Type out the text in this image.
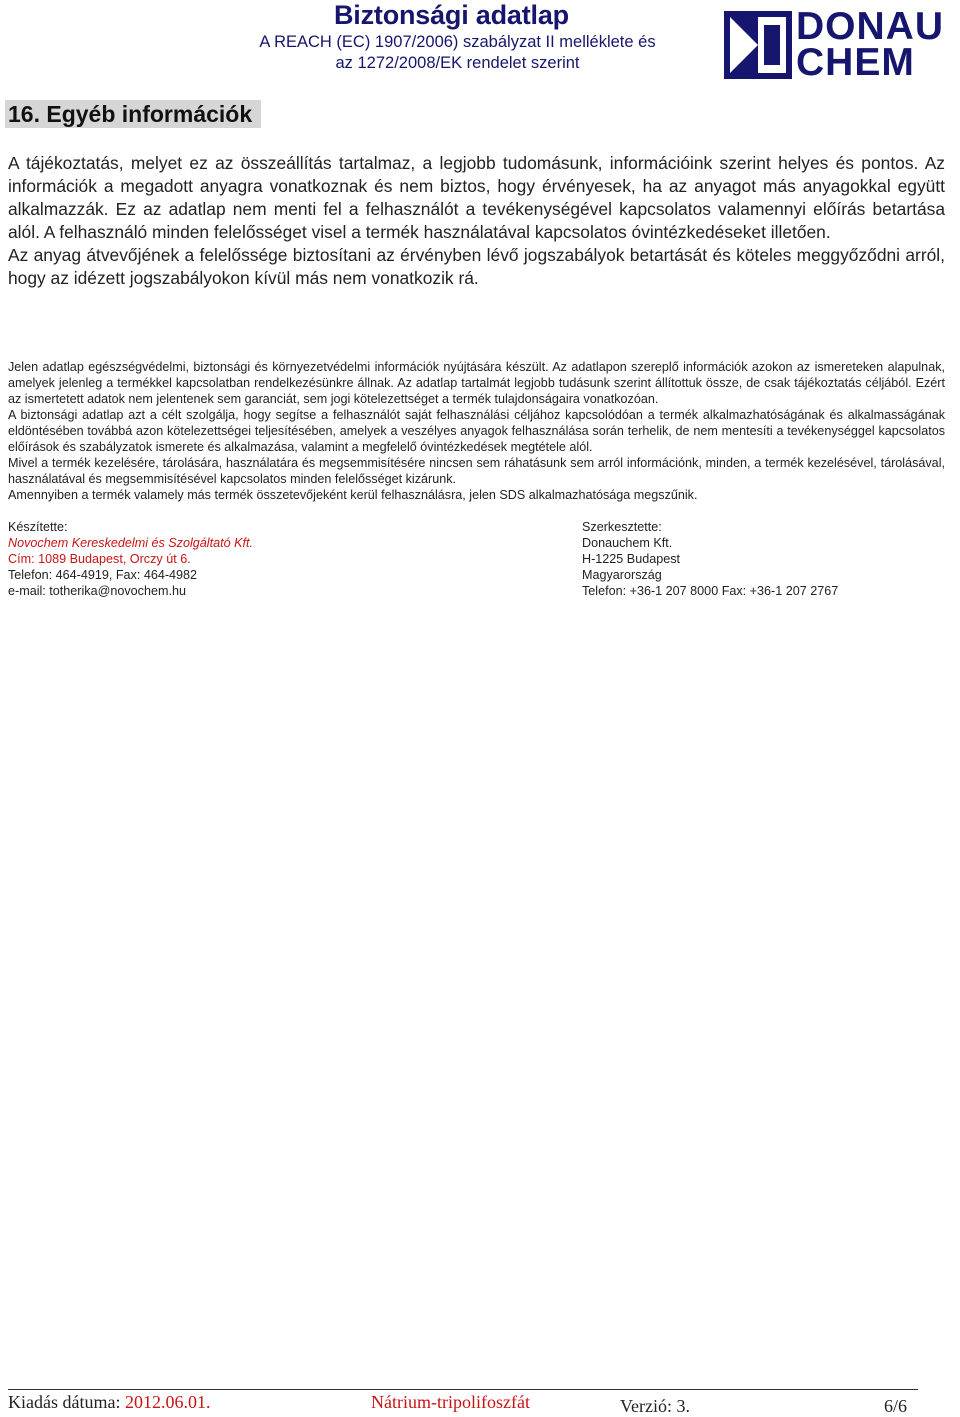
Biztonsági adatlap
A REACH (EC) 1907/2006) szabályzat II melléklete és
az 1272/2008/EK rendelet szerint
DONAU
CHEM
16. Egyéb információk

A tájékoztatás, melyet ez az összeállítás tartalmaz, a legjobb tudomásunk, információink szerint helyes és pontos. Az információk a megadott anyagra vonatkoznak és nem biztos, hogy érvényesek, ha az anyagot más anyagokkal együtt alkalmazzák. Ez az adatlap nem menti fel a felhasználót a tevékenységével kapcsolatos valamennyi előírás betartása alól. A felhasználó minden felelősséget visel a termék használatával kapcsolatos óvintézkedéseket illetően.

Az anyag átvevőjének a felelőssége biztosítani az érvényben lévő jogszabályok betartását és köteles meggyőződni arról, hogy az idézett jogszabályokon kívül más nem vonatkozik rá.

Jelen adatlap egészségvédelmi, biztonsági és környezetvédelmi információk nyújtására készült. Az adatlapon szereplő információk azokon az ismereteken alapulnak, amelyek jelenleg a termékkel kapcsolatban rendelkezésünkre állnak. Az adatlap tartalmát legjobb tudásunk szerint állítottuk össze, de csak tájékoztatás céljából. Ezért az ismertetett adatok nem jelentenek sem garanciát, sem jogi kötelezettséget a termék tulajdonságaira vonatkozóan.

A biztonsági adatlap azt a célt szolgálja, hogy segítse a felhasználót saját felhasználási céljához kapcsolódóan a termék alkalmazhatóságának és alkalmasságának eldöntésében továbbá azon kötelezettségei teljesítésében, amelyek a veszélyes anyagok felhasználása során terhelik, de nem mentesíti a tevékenységgel kapcsolatos előírások és szabályzatok ismerete és alkalmazása, valamint a megfelelő óvintézkedések megtétele alól.

Mivel a termék kezelésére, tárolására, használatára és megsemmisítésére nincsen sem ráhatásunk sem arról információnk, minden, a termék kezelésével, tárolásával, használatával és megsemmisítésével kapcsolatos minden felelősséget kizárunk.

Amennyiben a termék valamely más termék összetevőjeként kerül felhasználásra, jelen SDS alkalmazhatósága megszűnik.

Készítette:
Novochem Kereskedelmi és Szolgáltató Kft.
Cím: 1089 Budapest, Orczy út 6.
Telefon: 464-4919, Fax: 464-4982
e-mail: totherika@novochem.hu
Szerkesztette:
Donauchem Kft.
H-1225 Budapest
Magyarország
Telefon: +36-1 207 8000 Fax: +36-1 207 2767
Kiadás dátuma: 2012.06.01.	Nátrium-tripolifoszfát	Verzió: 3.	6/6
